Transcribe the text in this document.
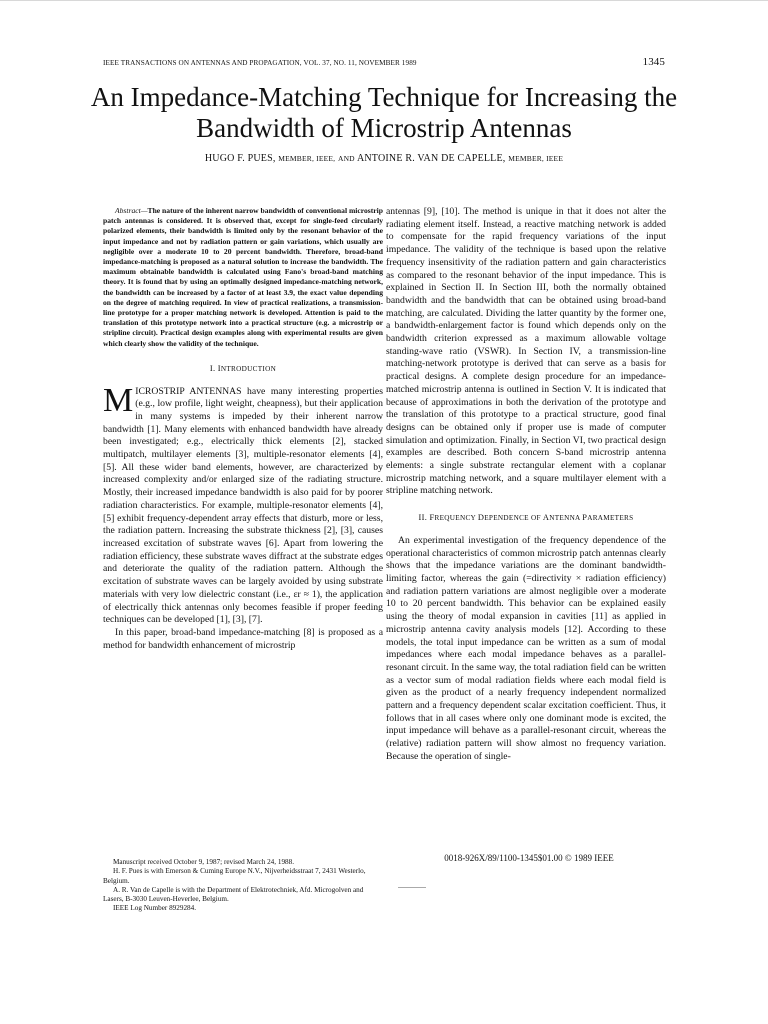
IEEE TRANSACTIONS ON ANTENNAS AND PROPAGATION, VOL. 37, NO. 11, NOVEMBER 1989	1345
An Impedance-Matching Technique for Increasing the Bandwidth of Microstrip Antennas
HUGO F. PUES, MEMBER, IEEE, AND ANTOINE R. VAN DE CAPELLE, MEMBER, IEEE

Abstract—The nature of the inherent narrow bandwidth of conventional microstrip patch antennas is considered. It is observed that, except for single-feed circularly polarized elements, their bandwidth is limited only by the resonant behavior of the input impedance and not by radiation pattern or gain variations, which usually are negligible over a moderate 10 to 20 percent bandwidth. Therefore, broad-band impedance-matching is proposed as a natural solution to increase the bandwidth. The maximum obtainable bandwidth is calculated using Fano's broad-band matching theory. It is found that by using an optimally designed impedance-matching network, the bandwidth can be increased by a factor of at least 3.9, the exact value depending on the degree of matching required. In view of practical realizations, a transmission-line prototype for a proper matching network is developed. Attention is paid to the translation of this prototype network into a practical structure (e.g. a microstrip or stripline circuit). Practical design examples along with experimental results are given which clearly show the validity of the technique.

I. INTRODUCTION

MICROSTRIP ANTENNAS have many interesting properties (e.g., low profile, light weight, cheapness), but their application in many systems is impeded by their inherent narrow bandwidth [1]. Many elements with enhanced bandwidth have already been investigated; e.g., electrically thick elements [2], stacked multipatch, multilayer elements [3], multiple-resonator elements [4], [5]. All these wider band elements, however, are characterized by increased complexity and/or enlarged size of the radiating structure. Mostly, their increased impedance bandwidth is also paid for by poorer radiation characteristics. For example, multiple-resonator elements [4], [5] exhibit frequency-dependent array effects that disturb, more or less, the radiation pattern. Increasing the substrate thickness [2], [3], causes increased excitation of substrate waves [6]. Apart from lowering the radiation efficiency, these substrate waves diffract at the substrate edges and deteriorate the quality of the radiation pattern. Although the excitation of substrate waves can be largely avoided by using substrate materials with very low dielectric constant (i.e., εr ≈ 1), the application of electrically thick antennas only becomes feasible if proper feeding techniques can be developed [1], [3], [7].

In this paper, broad-band impedance-matching [8] is proposed as a method for bandwidth enhancement of microstrip

Manuscript received October 9, 1987; revised March 24, 1988.

H. F. Pues is with Emerson & Cuming Europe N.V., Nijverheidsstraat 7, 2431 Westerlo, Belgium.

A. R. Van de Capelle is with the Department of Elektrotechniek, Afd. Microgolven and Lasers, B-3030 Leuven-Heverlee, Belgium.

IEEE Log Number 8929284.

antennas [9], [10]. The method is unique in that it does not alter the radiating element itself. Instead, a reactive matching network is added to compensate for the rapid frequency variations of the input impedance. The validity of the technique is based upon the relative frequency insensitivity of the radiation pattern and gain characteristics as compared to the resonant behavior of the input impedance. This is explained in Section II. In Section III, both the normally obtained bandwidth and the bandwidth that can be obtained using broad-band matching, are calculated. Dividing the latter quantity by the former one, a bandwidth-enlargement factor is found which depends only on the bandwidth criterion expressed as a maximum allowable voltage standing-wave ratio (VSWR). In Section IV, a transmission-line matching-network prototype is derived that can serve as a basis for practical designs. A complete design procedure for an impedance-matched microstrip antenna is outlined in Section V. It is indicated that because of approximations in both the derivation of the prototype and the translation of this prototype to a practical structure, good final designs can be obtained only if proper use is made of computer simulation and optimization. Finally, in Section VI, two practical design examples are described. Both concern S-band microstrip antenna elements: a single substrate rectangular element with a coplanar microstrip matching network, and a square multilayer element with a stripline matching network.

II. FREQUENCY DEPENDENCE OF ANTENNA PARAMETERS

An experimental investigation of the frequency dependence of the operational characteristics of common microstrip patch antennas clearly shows that the impedance variations are the dominant bandwidth-limiting factor, whereas the gain (=directivity × radiation efficiency) and radiation pattern variations are almost negligible over a moderate 10 to 20 percent bandwidth. This behavior can be explained easily using the theory of modal expansion in cavities [11] as applied in microstrip antenna cavity analysis models [12]. According to these models, the total input impedance can be written as a sum of modal impedances where each modal impedance behaves as a parallel-resonant circuit. In the same way, the total radiation field can be written as a vector sum of modal radiation fields where each modal field is given as the product of a nearly frequency independent normalized pattern and a frequency dependent scalar excitation coefficient. Thus, it follows that in all cases where only one dominant mode is excited, the input impedance will behave as a parallel-resonant circuit, whereas the (relative) radiation pattern will show almost no frequency variation. Because the operation of single-

0018-926X/89/1100-1345$01.00 © 1989 IEEE
